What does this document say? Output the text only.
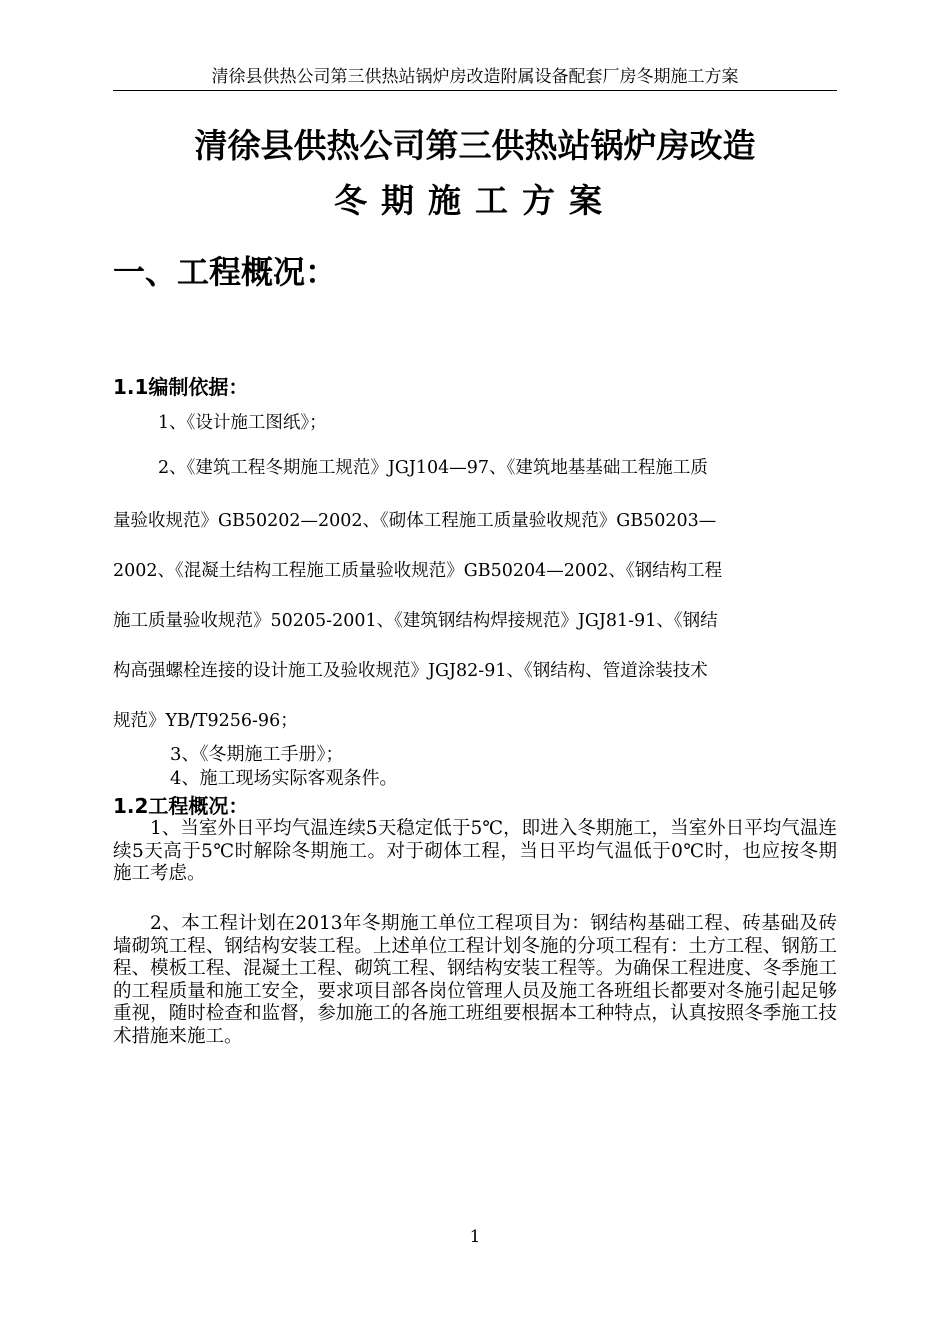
清徐县供热公司第三供热站锅炉房改造附属设备配套厂房冬期施工方案
清徐县供热公司第三供热站锅炉房改造
冬期施工方案
一、工程概况：
1.1编制依据：
1、《设计施工图纸》；
2、《建筑工程冬期施工规范》JGJ104—97、《建筑地基基础工程施工质
量验收规范》GB50202—2002、《砌体工程施工质量验收规范》GB50203—
2002、《混凝土结构工程施工质量验收规范》GB50204—2002、《钢结构工程
施工质量验收规范》50205-2001、《建筑钢结构焊接规范》JGJ81-91、《钢结
构高强螺栓连接的设计施工及验收规范》JGJ82-91、《钢结构、管道涂装技术
规范》YB/T9256-96；
3、《冬期施工手册》；
4、施工现场实际客观条件。
1.2工程概况：
1、当室外日平均气温连续5天稳定低于5℃，即进入冬期施工，当室外日平均气温连续5天高于5℃时解除冬期施工。对于砌体工程，当日平均气温低于0℃时，也应按冬期施工考虑。
2、本工程计划在2013年冬期施工单位工程项目为：钢结构基础工程、砖基础及砖墙砌筑工程、钢结构安装工程。上述单位工程计划冬施的分项工程有：土方工程、钢筋工程、模板工程、混凝土工程、砌筑工程、钢结构安装工程等。为确保工程进度、冬季施工的工程质量和施工安全，要求项目部各岗位管理人员及施工各班组长都要对冬施引起足够重视，随时检查和监督，参加施工的各施工班组要根据本工种特点，认真按照冬季施工技术措施来施工。
1
